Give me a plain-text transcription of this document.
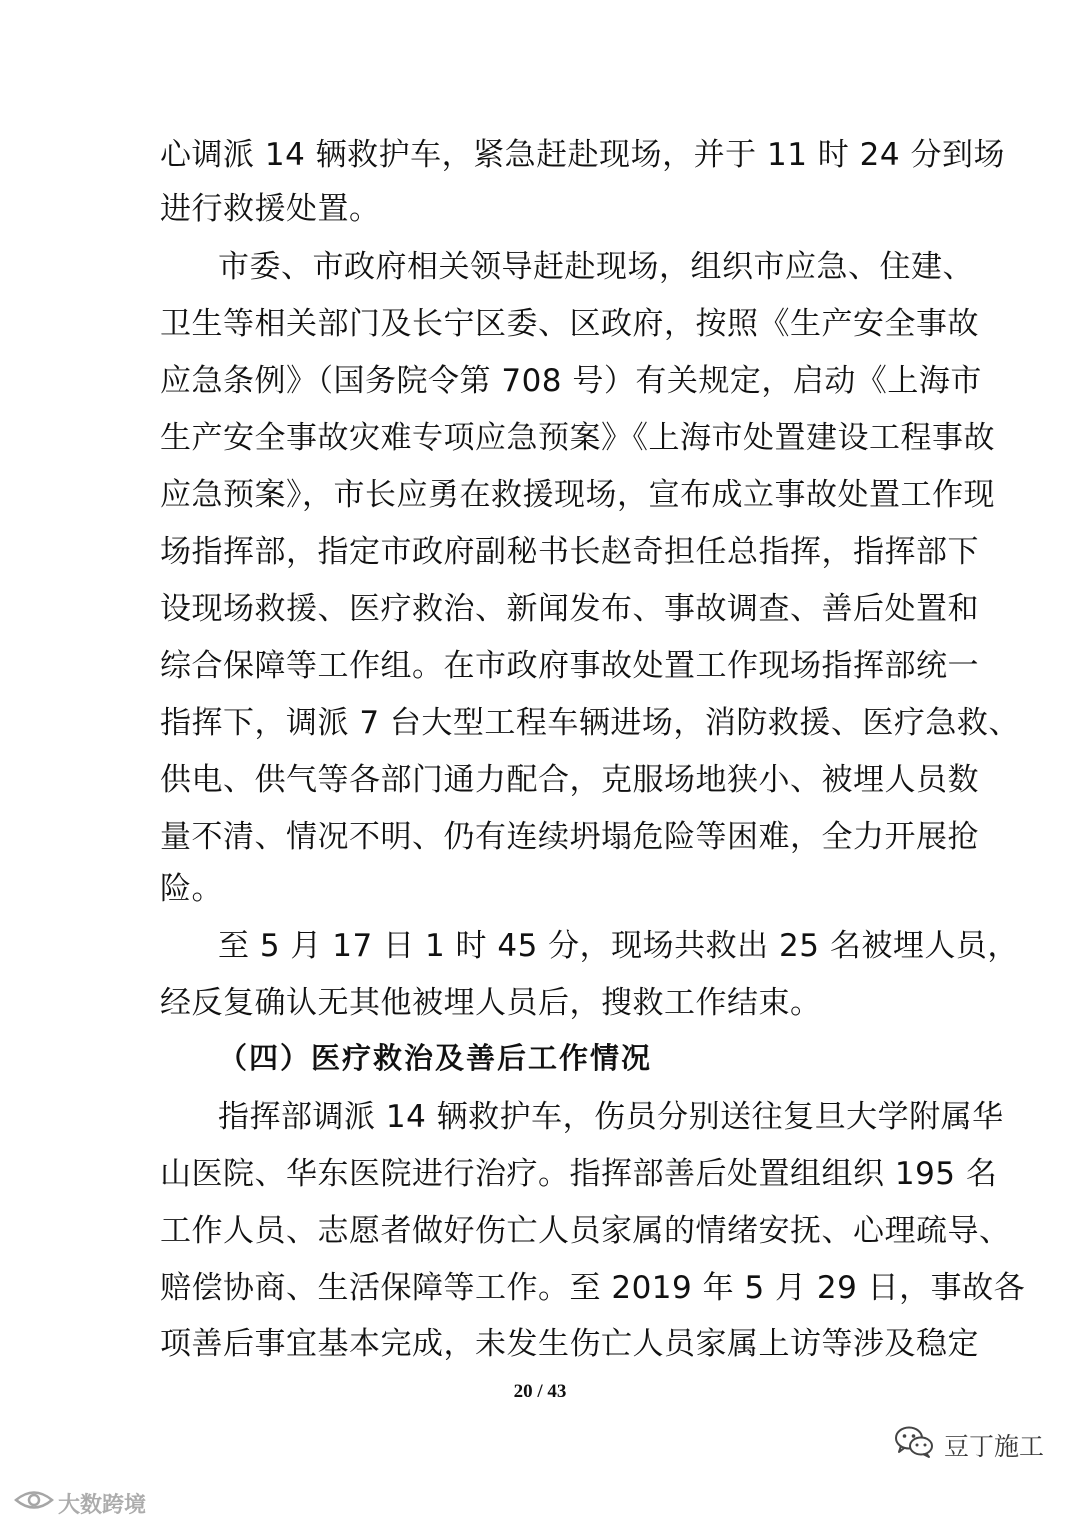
心调派 14 辆救护车，紧急赶赴现场，并于 11 时 24 分到场
进行救援处置。
市委、市政府相关领导赶赴现场，组织市应急、住建、
卫生等相关部门及长宁区委、区政府，按照《生产安全事故
应急条例》（国务院令第 708 号）有关规定，启动《上海市
生产安全事故灾难专项应急预案》《上海市处置建设工程事故
应急预案》，市长应勇在救援现场，宣布成立事故处置工作现
场指挥部，指定市政府副秘书长赵奇担任总指挥，指挥部下
设现场救援、医疗救治、新闻发布、事故调查、善后处置和
综合保障等工作组。在市政府事故处置工作现场指挥部统一
指挥下，调派 7 台大型工程车辆进场，消防救援、医疗急救、
供电、供气等各部门通力配合，克服场地狭小、被埋人员数
量不清、情况不明、仍有连续坍塌危险等困难，全力开展抢
险。
至 5 月 17 日 1 时 45 分，现场共救出 25 名被埋人员，
经反复确认无其他被埋人员后，搜救工作结束。
（四）医疗救治及善后工作情况
指挥部调派 14 辆救护车，伤员分别送往复旦大学附属华
山医院、华东医院进行治疗。指挥部善后处置组组织 195 名
工作人员、志愿者做好伤亡人员家属的情绪安抚、心理疏导、
赔偿协商、生活保障等工作。至 2019 年 5 月 29 日，事故各
项善后事宜基本完成，未发生伤亡人员家属上访等涉及稳定
20 / 43
豆丁施工
大数跨境
